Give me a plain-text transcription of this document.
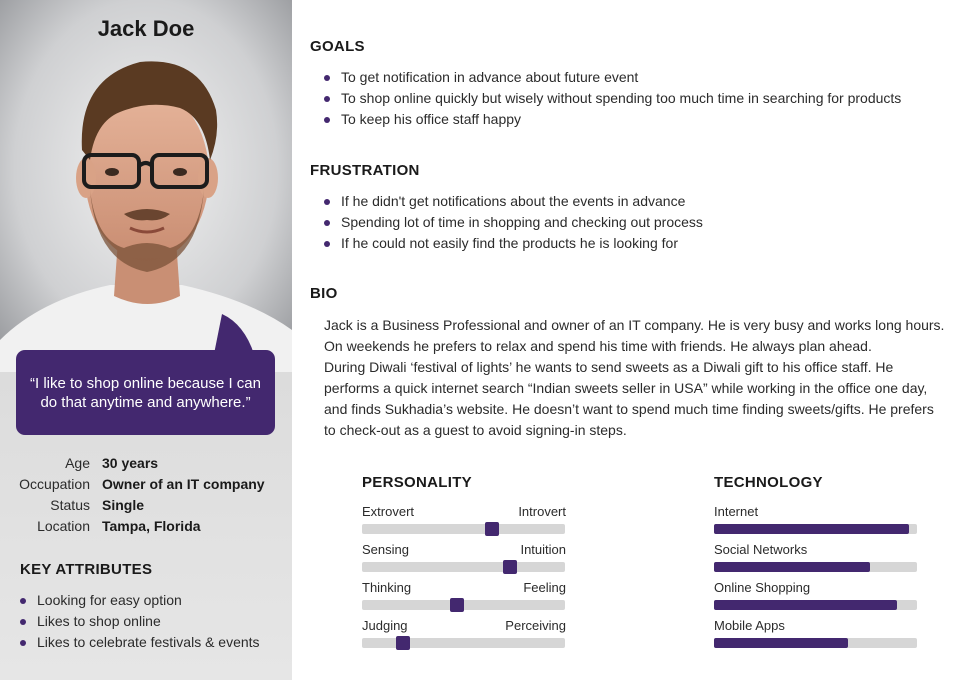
Jack Doe
“I like to shop online because I can do that anytime and anywhere.”
Age 30 years
Occupation Owner of an IT company
Status Single
Location Tampa, Florida
KEY ATTRIBUTES
Looking for easy option
Likes to shop online
Likes to celebrate festivals & events
GOALS
To get notification in advance about future event
To shop online quickly but wisely without spending too much time in searching for products
To keep his office staff happy
FRUSTRATION
If he didn't get notifications about the events in advance
Spending lot of time in shopping and checking out process
If he could not easily find the products he is looking for
BIO

Jack is a Business Professional and owner of an IT company. He is very busy and works long hours.

On weekends he prefers to relax and spend his time with friends. He always plan ahead.

During Diwali ‘festival of lights’ he wants to send sweets as a Diwali gift to his office staff. He

performs a quick internet search “Indian sweets seller in USA” while working in the office one day,

and finds Sukhadia’s website. He doesn’t want to spend much time finding sweets/gifts. He prefers

to check-out as a guest to avoid signing-in steps.

PERSONALITY
Extrovert	Introvert
Sensing	Intuition
Thinking	Feeling
Judging	Perceiving
TECHNOLOGY
Internet
Social Networks
Online Shopping
Mobile Apps
